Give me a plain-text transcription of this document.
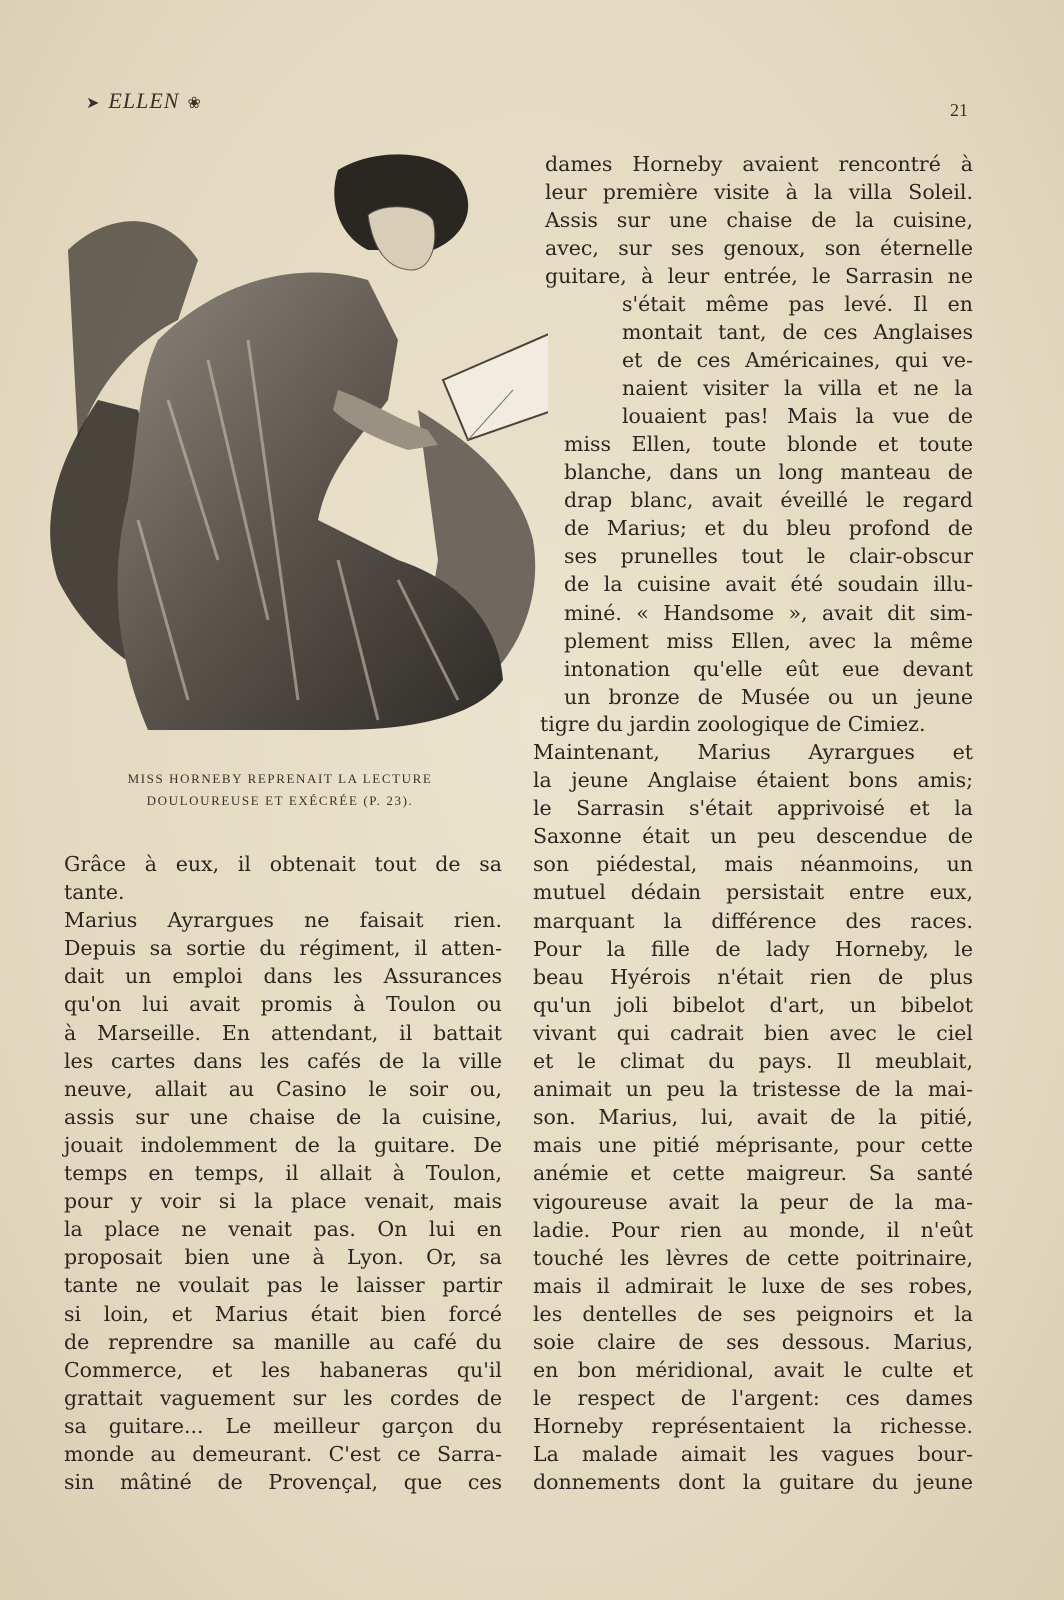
➤ ELLEN ❀	21
MISS HORNEBY REPRENAIT LA LECTURE
DOULOUREUSE ET EXÉCRÉE (P. 23).
dames Horneby avaient rencontré à
leur première visite à la villa Soleil.
Assis sur une chaise de la cuisine,
avec, sur ses genoux, son éternelle
guitare, à leur entrée, le Sarrasin ne
s'était même pas levé. Il en
montait tant, de ces Anglaises
et de ces Américaines, qui ve-
naient visiter la villa et ne la
louaient pas! Mais la vue de
miss Ellen, toute blonde et toute
blanche, dans un long manteau de
drap blanc, avait éveillé le regard
de Marius; et du bleu profond de
ses prunelles tout le clair-obscur
de la cuisine avait été soudain illu-
miné. « Handsome », avait dit sim-
plement miss Ellen, avec la même
intonation qu'elle eût eue devant
un bronze de Musée ou un jeune
tigre du jardin zoologique de Cimiez.
Maintenant, Marius Ayrargues et
la jeune Anglaise étaient bons amis;
le Sarrasin s'était apprivoisé et la
Saxonne était un peu descendue de
son piédestal, mais néanmoins, un
mutuel dédain persistait entre eux,
marquant la différence des races.
Pour la fille de lady Horneby, le
beau Hyérois n'était rien de plus
qu'un joli bibelot d'art, un bibelot
vivant qui cadrait bien avec le ciel
et le climat du pays. Il meublait,
animait un peu la tristesse de la mai-
son. Marius, lui, avait de la pitié,
mais une pitié méprisante, pour cette
anémie et cette maigreur. Sa santé
vigoureuse avait la peur de la ma-
ladie. Pour rien au monde, il n'eût
touché les lèvres de cette poitrinaire,
mais il admirait le luxe de ses robes,
les dentelles de ses peignoirs et la
soie claire de ses dessous. Marius,
en bon méridional, avait le culte et
le respect de l'argent: ces dames
Horneby représentaient la richesse.
La malade aimait les vagues bour-
donnements dont la guitare du jeune
Grâce à eux, il obtenait tout de sa
tante.
Marius Ayrargues ne faisait rien.
Depuis sa sortie du régiment, il atten-
dait un emploi dans les Assurances
qu'on lui avait promis à Toulon ou
à Marseille. En attendant, il battait
les cartes dans les cafés de la ville
neuve, allait au Casino le soir ou,
assis sur une chaise de la cuisine,
jouait indolemment de la guitare. De
temps en temps, il allait à Toulon,
pour y voir si la place venait, mais
la place ne venait pas. On lui en
proposait bien une à Lyon. Or, sa
tante ne voulait pas le laisser partir
si loin, et Marius était bien forcé
de reprendre sa manille au café du
Commerce, et les habaneras qu'il
grattait vaguement sur les cordes de
sa guitare... Le meilleur garçon du
monde au demeurant. C'est ce Sarra-
sin mâtiné de Provençal, que ces
